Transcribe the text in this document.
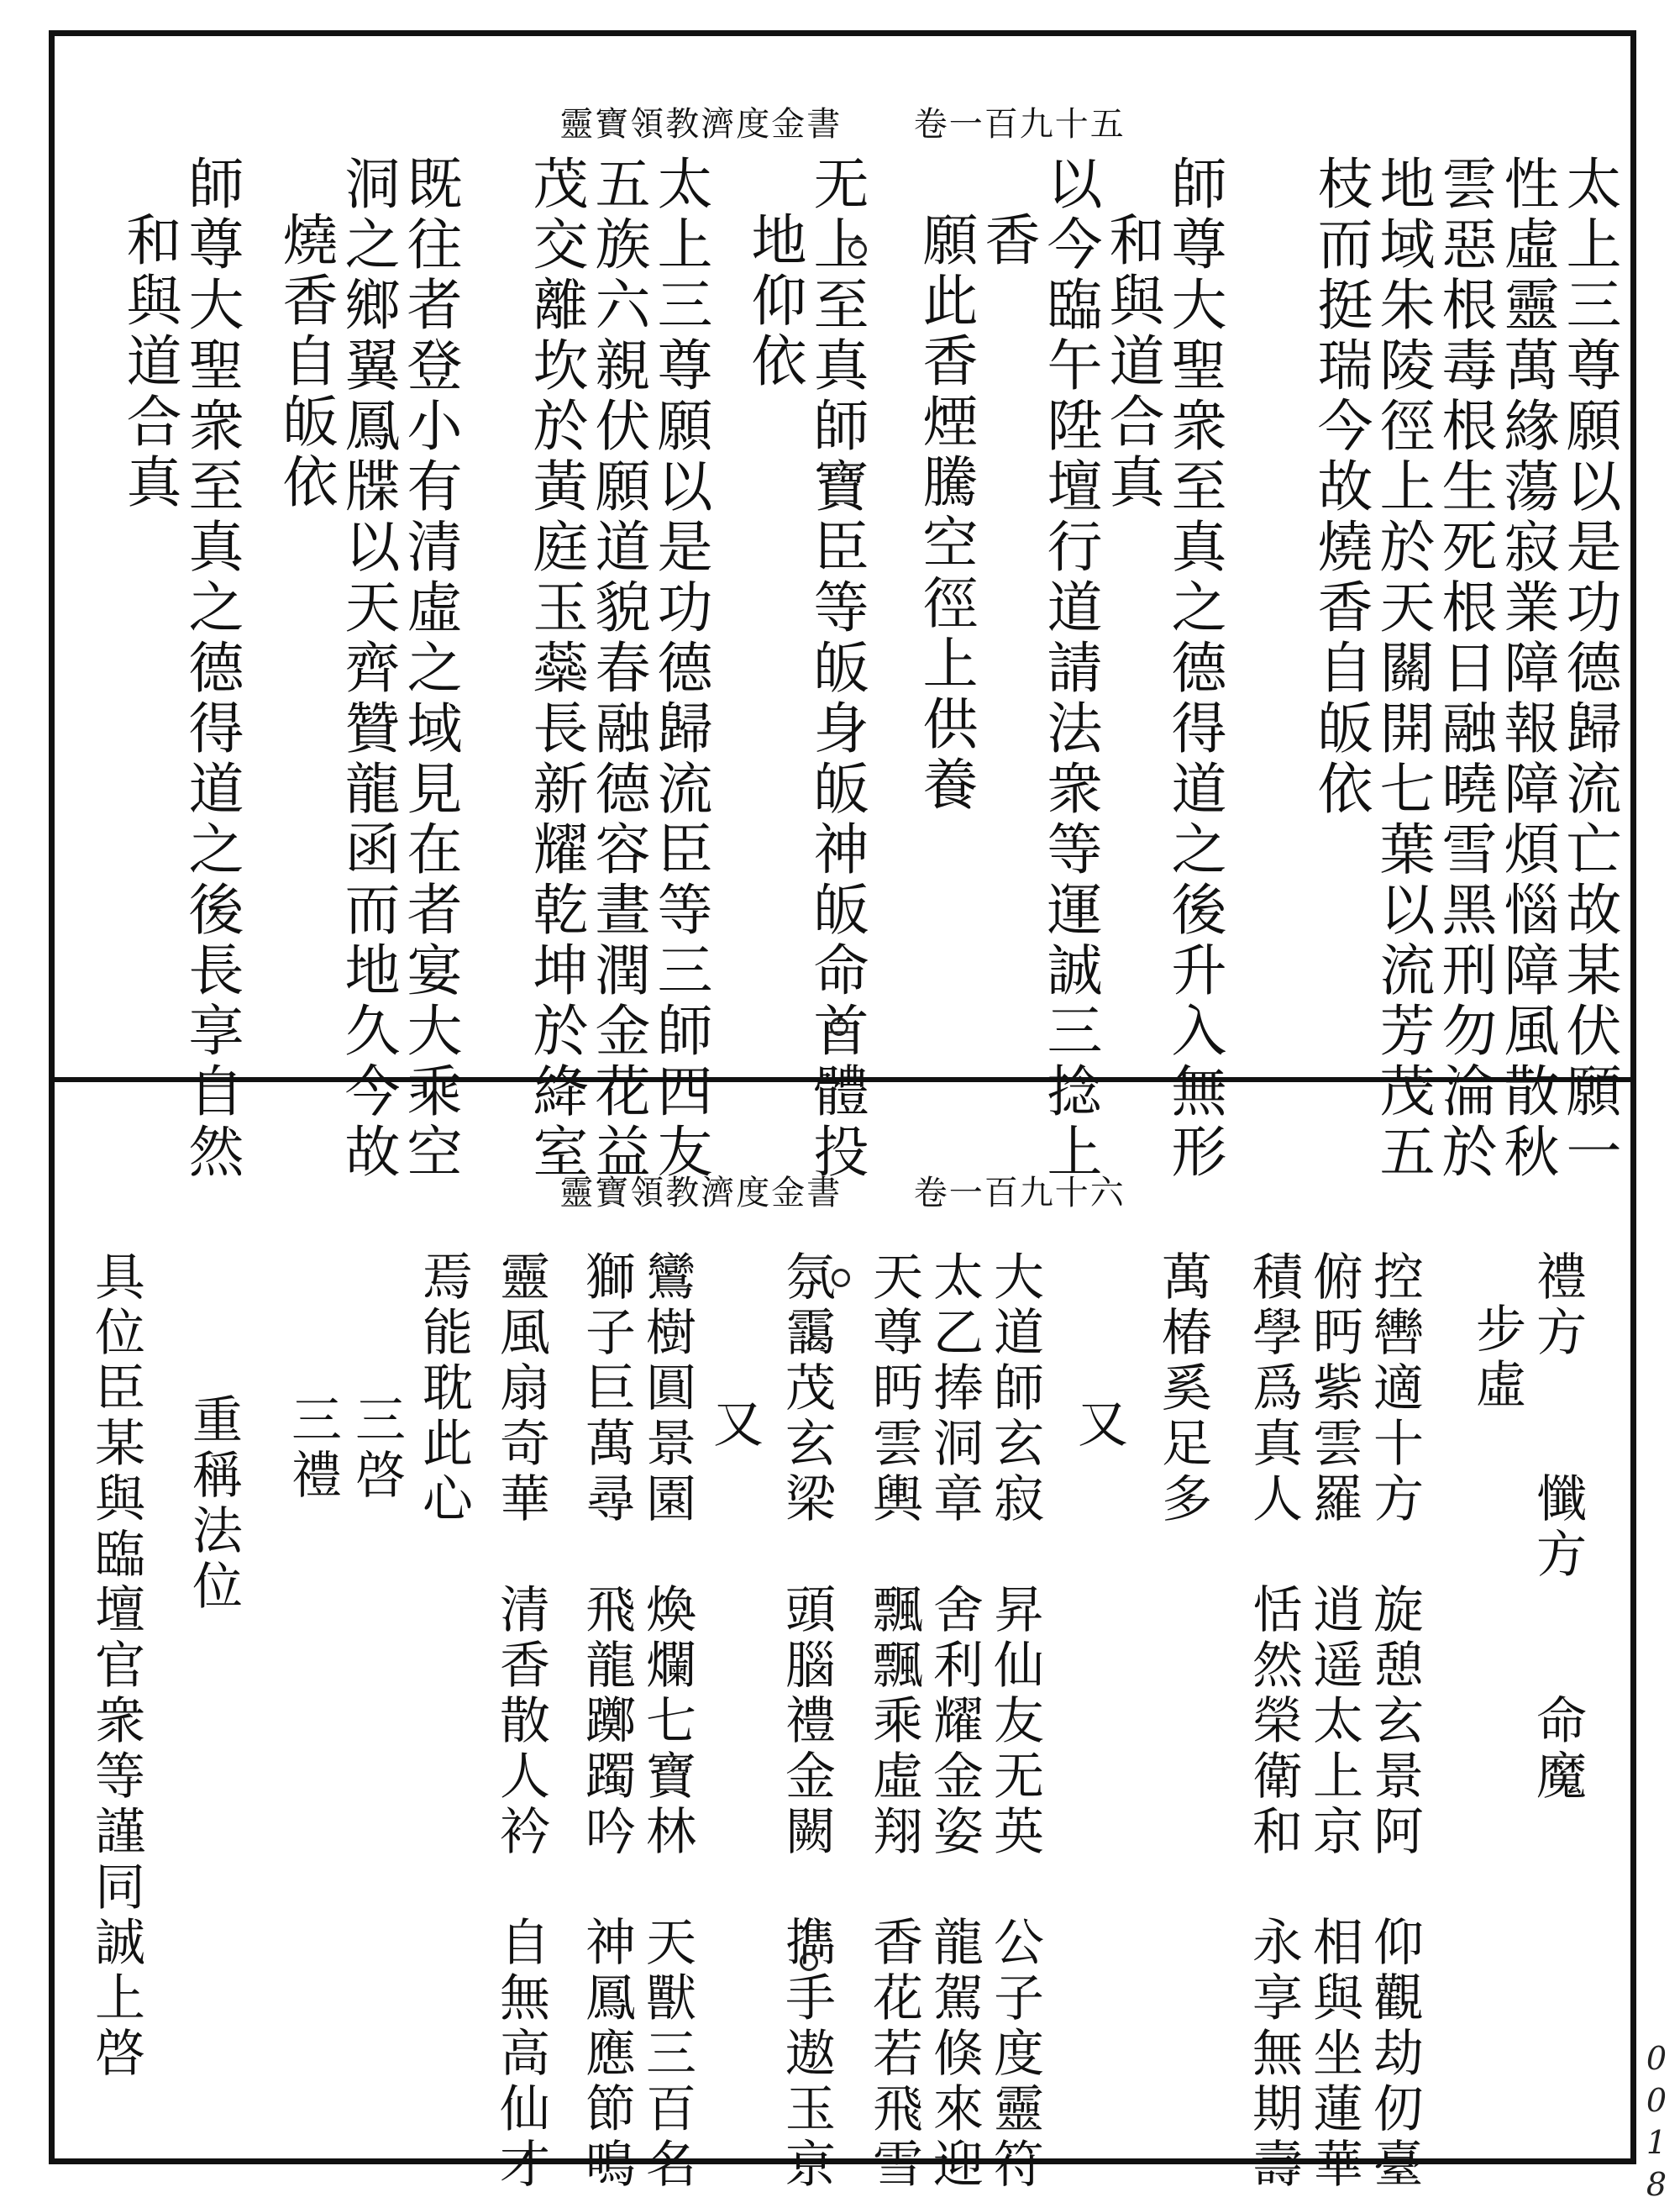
靈寶領教濟度金書 卷一百九十五
太上三尊願以是功德歸流亡故某伏願一
性虛靈萬緣蕩寂業障報障煩惱障風散秋
雲惡根毒根生死根日融曉雪黑刑勿淪於
地域朱陵徑上於天關開七葉以流芳茂五
枝而挺瑞今故燒香自皈依
師尊大聖衆至真之德得道之後升入無形
和與道合真
以今臨午陞壇行道請法衆等運誠三捻上
香
願此香煙騰空徑上供養
无上至真師寶臣等皈身皈神皈命首體投
地仰依
太上三尊願以是功德歸流臣等三師四友
五族六親伏願道貌春融德容晝潤金花益
茂交離坎於黃庭玉蘂長新耀乾坤於絳室
既往者登小有清虛之域見在者宴大乘空
洞之鄉翼鳳牒以天齊贊龍函而地久今故
燒香自皈依
師尊大聖衆至真之德得道之後長享自然
和與道合真
靈寶領教濟度金書 卷一百九十六
禮方　　懺方　　命魔
步虛
控轡適十方　旋憩玄景阿　仰觀劫仞臺
俯眄紫雲羅　逍遥太上京　相與坐蓮華
積學爲真人　恬然榮衛和　永享無期壽
萬椿奚足多
又
大道師玄寂　昇仙友无英　公子度靈符
太乙捧洞章　舍利耀金姿　龍駕倏來迎
天尊眄雲輿　飄飄乘虛翔　香花若飛雪
氛靄茂玄梁　頭腦禮金闕　擕手遨玉京
又
鸞樹圓景園　煥爛七寶林　天獸三百名
獅子巨萬尋　飛龍躑躅吟　神鳳應節鳴
靈風扇奇華　清香散人衿　自無高仙才
焉能耽此心
三啓
三禮
重稱法位
具位臣某與臨壇官衆等謹同誠上啓
0018
